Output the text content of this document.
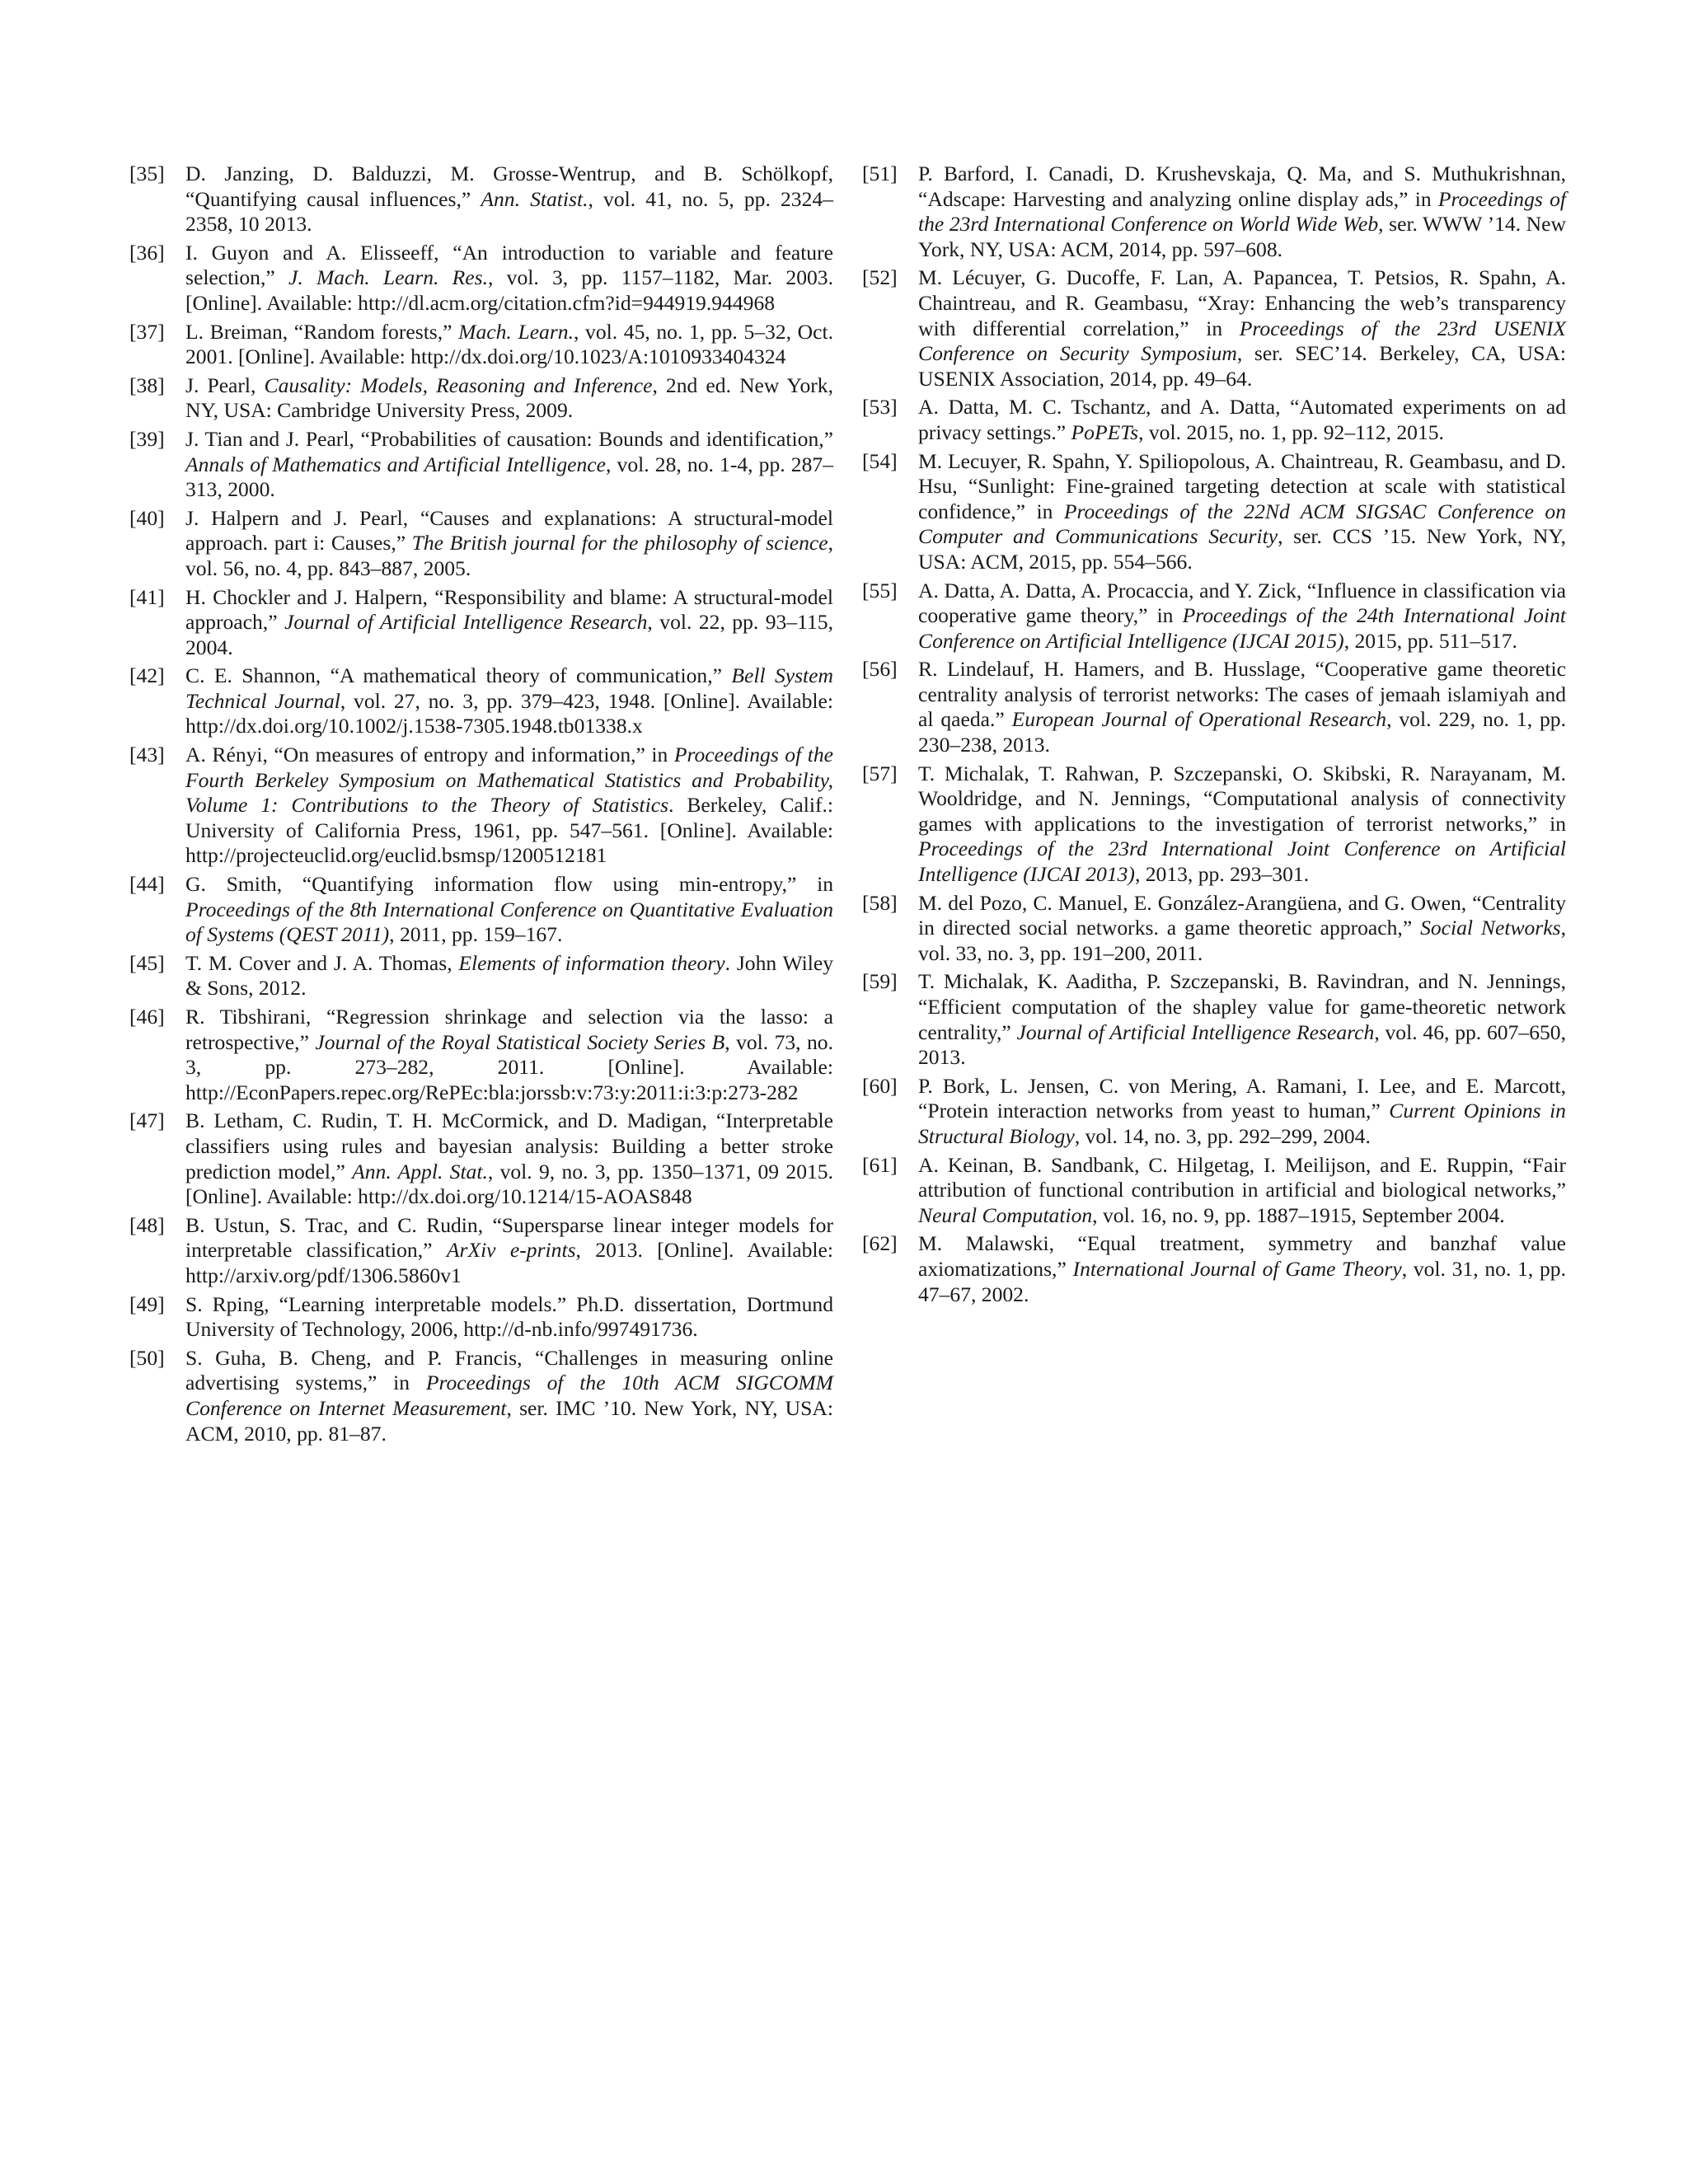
[35] D. Janzing, D. Balduzzi, M. Grosse-Wentrup, and B. Schölkopf, “Quantifying causal influences,” Ann. Statist., vol. 41, no. 5, pp. 2324–2358, 10 2013.
[36] I. Guyon and A. Elisseeff, “An introduction to variable and feature selection,” J. Mach. Learn. Res., vol. 3, pp. 1157–1182, Mar. 2003. [Online]. Available: http://dl.acm.org/citation.cfm?id=944919.944968
[37] L. Breiman, “Random forests,” Mach. Learn., vol. 45, no. 1, pp. 5–32, Oct. 2001. [Online]. Available: http://dx.doi.org/10.1023/A:1010933404324
[38] J. Pearl, Causality: Models, Reasoning and Inference, 2nd ed. New York, NY, USA: Cambridge University Press, 2009.
[39] J. Tian and J. Pearl, “Probabilities of causation: Bounds and identification,” Annals of Mathematics and Artificial Intelligence, vol. 28, no. 1-4, pp. 287–313, 2000.
[40] J. Halpern and J. Pearl, “Causes and explanations: A structural-model approach. part i: Causes,” The British journal for the philosophy of science, vol. 56, no. 4, pp. 843–887, 2005.
[41] H. Chockler and J. Halpern, “Responsibility and blame: A structural-model approach,” Journal of Artificial Intelligence Research, vol. 22, pp. 93–115, 2004.
[42] C. E. Shannon, “A mathematical theory of communication,” Bell System Technical Journal, vol. 27, no. 3, pp. 379–423, 1948. [Online]. Available: http://dx.doi.org/10.1002/j.1538-7305.1948.tb01338.x
[43] A. Rényi, “On measures of entropy and information,” in Proceedings of the Fourth Berkeley Symposium on Mathematical Statistics and Probability, Volume 1: Contributions to the Theory of Statistics. Berkeley, Calif.: University of California Press, 1961, pp. 547–561. [Online]. Available: http://projecteuclid.org/euclid.bsmsp/1200512181
[44] G. Smith, “Quantifying information flow using min-entropy,” in Proceedings of the 8th International Conference on Quantitative Evaluation of Systems (QEST 2011), 2011, pp. 159–167.
[45] T. M. Cover and J. A. Thomas, Elements of information theory. John Wiley & Sons, 2012.
[46] R. Tibshirani, “Regression shrinkage and selection via the lasso: a retrospective,” Journal of the Royal Statistical Society Series B, vol. 73, no. 3, pp. 273–282, 2011. [Online]. Available: http://EconPapers.repec.org/RePEc:bla:jorssb:v:73:y:2011:i:3:p:273-282
[47] B. Letham, C. Rudin, T. H. McCormick, and D. Madigan, “Interpretable classifiers using rules and bayesian analysis: Building a better stroke prediction model,” Ann. Appl. Stat., vol. 9, no. 3, pp. 1350–1371, 09 2015. [Online]. Available: http://dx.doi.org/10.1214/15-AOAS848
[48] B. Ustun, S. Trac, and C. Rudin, “Supersparse linear integer models for interpretable classification,” ArXiv e-prints, 2013. [Online]. Available: http://arxiv.org/pdf/1306.5860v1
[49] S. Rping, “Learning interpretable models.” Ph.D. dissertation, Dortmund University of Technology, 2006, http://d-nb.info/997491736.
[50] S. Guha, B. Cheng, and P. Francis, “Challenges in measuring online advertising systems,” in Proceedings of the 10th ACM SIGCOMM Conference on Internet Measurement, ser. IMC ’10. New York, NY, USA: ACM, 2010, pp. 81–87.
[51] P. Barford, I. Canadi, D. Krushevskaja, Q. Ma, and S. Muthukrishnan, “Adscape: Harvesting and analyzing online display ads,” in Proceedings of the 23rd International Conference on World Wide Web, ser. WWW ’14. New York, NY, USA: ACM, 2014, pp. 597–608.
[52] M. Lécuyer, G. Ducoffe, F. Lan, A. Papancea, T. Petsios, R. Spahn, A. Chaintreau, and R. Geambasu, “Xray: Enhancing the web’s transparency with differential correlation,” in Proceedings of the 23rd USENIX Conference on Security Symposium, ser. SEC’14. Berkeley, CA, USA: USENIX Association, 2014, pp. 49–64.
[53] A. Datta, M. C. Tschantz, and A. Datta, “Automated experiments on ad privacy settings.” PoPETs, vol. 2015, no. 1, pp. 92–112, 2015.
[54] M. Lecuyer, R. Spahn, Y. Spiliopolous, A. Chaintreau, R. Geambasu, and D. Hsu, “Sunlight: Fine-grained targeting detection at scale with statistical confidence,” in Proceedings of the 22Nd ACM SIGSAC Conference on Computer and Communications Security, ser. CCS ’15. New York, NY, USA: ACM, 2015, pp. 554–566.
[55] A. Datta, A. Datta, A. Procaccia, and Y. Zick, “Influence in classification via cooperative game theory,” in Proceedings of the 24th International Joint Conference on Artificial Intelligence (IJCAI 2015), 2015, pp. 511–517.
[56] R. Lindelauf, H. Hamers, and B. Husslage, “Cooperative game theoretic centrality analysis of terrorist networks: The cases of jemaah islamiyah and al qaeda.” European Journal of Operational Research, vol. 229, no. 1, pp. 230–238, 2013.
[57] T. Michalak, T. Rahwan, P. Szczepanski, O. Skibski, R. Narayanam, M. Wooldridge, and N. Jennings, “Computational analysis of connectivity games with applications to the investigation of terrorist networks,” in Proceedings of the 23rd International Joint Conference on Artificial Intelligence (IJCAI 2013), 2013, pp. 293–301.
[58] M. del Pozo, C. Manuel, E. González-Arangüena, and G. Owen, “Centrality in directed social networks. a game theoretic approach,” Social Networks, vol. 33, no. 3, pp. 191–200, 2011.
[59] T. Michalak, K. Aaditha, P. Szczepanski, B. Ravindran, and N. Jennings, “Efficient computation of the shapley value for game-theoretic network centrality,” Journal of Artificial Intelligence Research, vol. 46, pp. 607–650, 2013.
[60] P. Bork, L. Jensen, C. von Mering, A. Ramani, I. Lee, and E. Marcott, “Protein interaction networks from yeast to human,” Current Opinions in Structural Biology, vol. 14, no. 3, pp. 292–299, 2004.
[61] A. Keinan, B. Sandbank, C. Hilgetag, I. Meilijson, and E. Ruppin, “Fair attribution of functional contribution in artificial and biological networks,” Neural Computation, vol. 16, no. 9, pp. 1887–1915, September 2004.
[62] M. Malawski, “Equal treatment, symmetry and banzhaf value axiomatizations,” International Journal of Game Theory, vol. 31, no. 1, pp. 47–67, 2002.
